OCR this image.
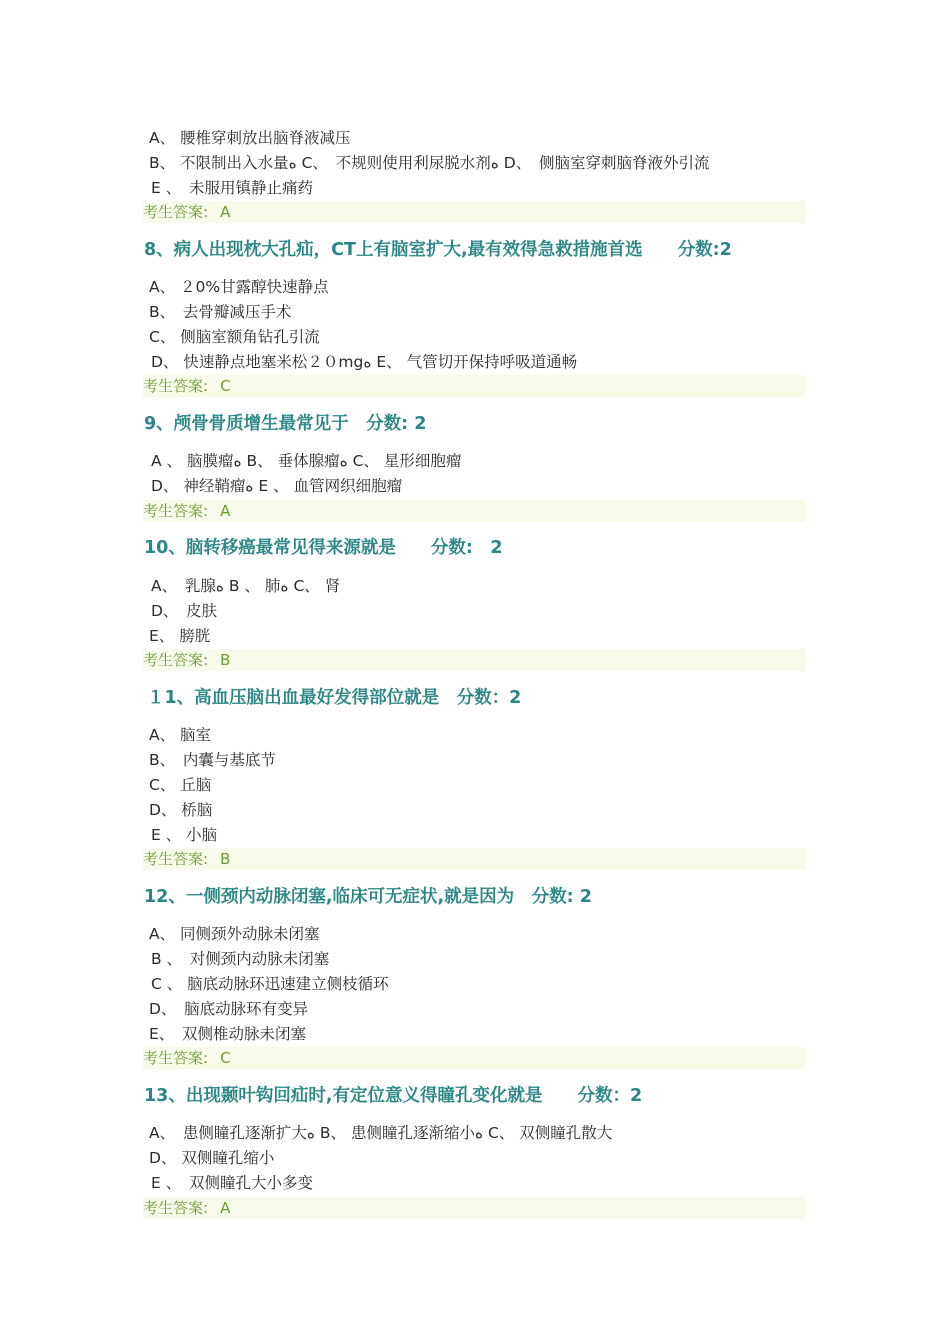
A、 腰椎穿刺放出脑脊液减压
B、 不限制出入水量ﻩ C、　不规则使用利尿脱水剂ﻩ D、　侧脑室穿刺脑脊液外引流
E 、　未服用镇静止痛药
考生答案: A
8、病人出现枕大孔疝，CT上有脑室扩大,最有效得急救措施首选　　分数:2
A、 ２0%甘露醇快速静点
B、　去骨瓣减压手术
C、 侧脑室额角钻孔引流
D、 快速静点地塞米松２０mgﻩ E、 气管切开保持呼吸道通畅
考生答案: C
9、颅骨骨质增生最常见于　分数: 2
A 、 脑膜瘤ﻩ B、 垂体腺瘤ﻩ C、 星形细胞瘤
D、 神经鞘瘤ﻩ E 、 血管网织细胞瘤
考生答案: A
10、脑转移癌最常见得来源就是　　分数:　2
A、　乳腺ﻩ B 、 肺ﻩ C、 肾
D、　皮肤
E、 膀胱
考生答案: B
１1、高血压脑出血最好发得部位就是　分数：2
A、 脑室
B、　内囊与基底节
C、 丘脑
D、 桥脑
E 、 小脑
考生答案: B
12、一侧颈内动脉闭塞,临床可无症状,就是因为　分数: 2
A、 同侧颈外动脉未闭塞
B 、　对侧颈内动脉未闭塞
C 、 脑底动脉环迅速建立侧枝循环
D、　脑底动脉环有变异
E、　双侧椎动脉未闭塞
考生答案: C
13、出现颞叶钩回疝时,有定位意义得瞳孔变化就是　　分数：2
A、　患侧瞳孔逐渐扩大ﻩ B、 患侧瞳孔逐渐缩小ﻩ C、 双侧瞳孔散大
D、 双侧瞳孔缩小
E 、　双侧瞳孔大小多变
考生答案: A
